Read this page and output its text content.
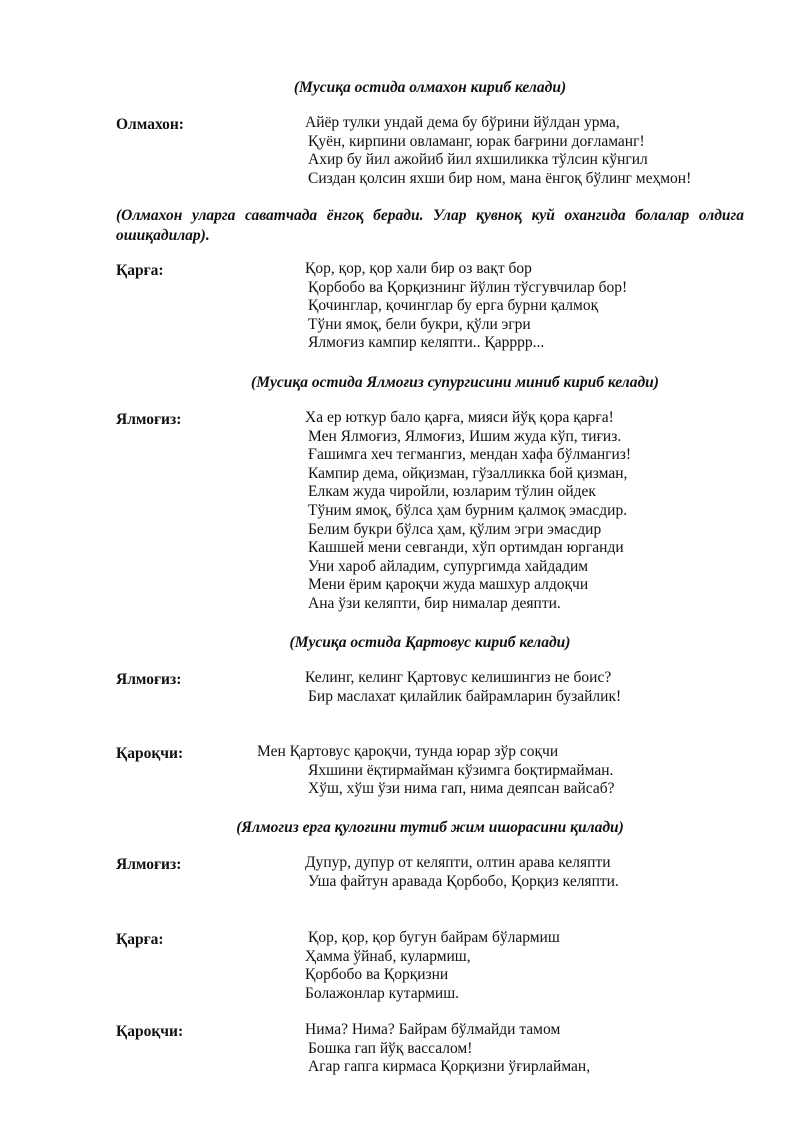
(Мусиқа остида олмахон кириб келади)
Олмахон:	Айёр тулки ундай дема бу бўрини йўлдан урма,
Қуён, кирпини овламанг, юрак бағрини доғламанг!
Ахир бу йил ажойиб йил яхшиликка тўлсин кўнгил
Сиздан қолсин яхши бир ном, мана ёнгоқ бўлинг меҳмон!
(Олмахон уларга саватчада ёнгоқ беради. Улар қувноқ куй охангида болалар олдига ошиқадилар).
Қарға:	Қор, қор, қор хали бир оз вақт бор
Қорбобо ва Қорқизнинг йўлин тўсгувчилар бор!
Қочинглар, қочинглар бу ерга бурни қалмоқ
Тўни ямоқ, бели букри, қўли эгри
Ялмоғиз кампир келяпти.. Қарррр...
(Мусиқа остида Ялмоғиз супургисини миниб кириб келади)
Ялмоғиз:	Ха ер юткур бало қарға, мияси йўқ қора қарға!
Мен Ялмоғиз, Ялмоғиз, Ишим жуда кўп, тиғиз.
Ғашимга хеч тегмангиз, мендан хафа бўлмангиз!
Кампир дема, ойқизман, гўзалликка бой қизман,
Елкам жуда чиройли, юзларим тўлин ойдек
Тўним ямоқ, бўлса ҳам бурним қалмоқ эмасдир.
Белим букри бўлса ҳам, қўлим эгри эмасдир
Кашшей мени севганди, хўп ортимдан юрганди
Уни хароб айладим, супургимда хайдадим
Мени ёрим қароқчи жуда машхур алдоқчи
Ана ўзи келяпти, бир нималар деяпти.
(Мусиқа остида Қартовус кириб келади)
Ялмоғиз:	Келинг, келинг Қартовус келишингиз не боис?
Бир маслахат қилайлик байрамларин бузайлик!
Қароқчи:	Мен Қартовус қароқчи, тунда юрар зўр соқчи
Яхшини ёқтирмайман кўзимга боқтирмайман.
Хўш, хўш ўзи нима гап, нима деяпсан вайсаб?
(Ялмогиз ерга қулоғини тутиб жим ишорасини қилади)
Ялмоғиз:	Дупур, дупур от келяпти, олтин арава келяпти
Уша файтун аравада Қорбобо, Қорқиз келяпти.
Қарға:	Қор, қор, қор бугун байрам бўлармиш
Ҳамма ўйнаб, кулармиш,
Қорбобо ва Қорқизни
Болажонлар кутармиш.
Қароқчи:	Нима? Нима? Байрам бўлмайди тамом
Бошка гап йўқ вассалом!
Агар гапга кирмаса Қорқизни ўғирлайман,
